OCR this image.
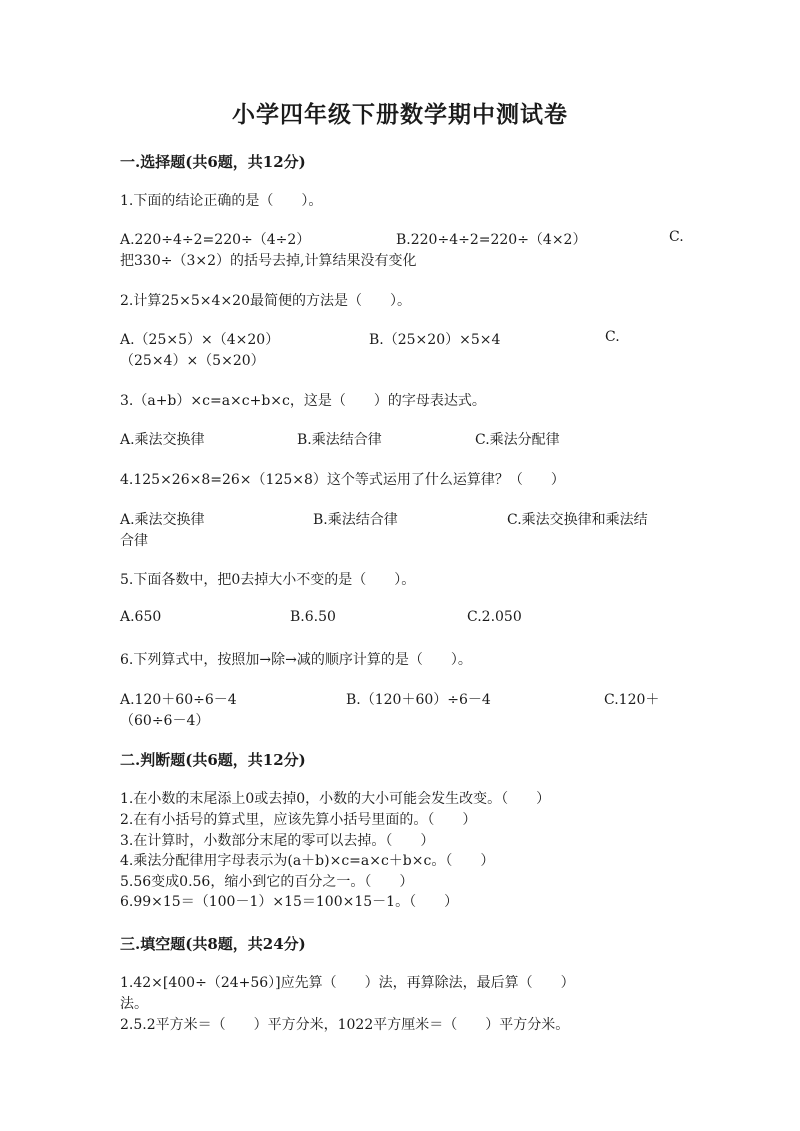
小学四年级下册数学期中测试卷
一.选择题(共6题，共12分)
1.下面的结论正确的是（　　）。
A.220÷4÷2=220÷（4÷2）	B.220÷4÷2=220÷（4×2）	C.
把330÷（3×2）的括号去掉,计算结果没有变化
2.计算25×5×4×20最简便的方法是（　　）。
A.（25×5）×（4×20）	B.（25×20）×5×4	C.
（25×4）×（5×20）
3.（a+b）×c=a×c+b×c，这是（　　）的字母表达式。
A.乘法交换律	B.乘法结合律	C.乘法分配律
4.125×26×8=26×（125×8）这个等式运用了什么运算律？（　　）
A.乘法交换律	B.乘法结合律	C.乘法交换律和乘法结
合律
5.下面各数中，把0去掉大小不变的是（　　）。
A.650	B.6.50	C.2.050
6.下列算式中，按照加→除→减的顺序计算的是（　　）。
A.120＋60÷6－4	B.（120＋60）÷6－4	C.120＋
（60÷6－4）
二.判断题(共6题，共12分)
1.在小数的末尾添上0或去掉0，小数的大小可能会发生改变。（　　）
2.在有小括号的算式里，应该先算小括号里面的。（　　）
3.在计算时，小数部分末尾的零可以去掉。（　　）
4.乘法分配律用字母表示为(a＋b)×c=a×c＋b×c。（　　）
5.56变成0.56，缩小到它的百分之一。（　　）
6.99×15＝（100－1）×15＝100×15－1。（　　）
三.填空题(共8题，共24分)
1.42×[400÷（24+56）]应先算（　　）法，再算除法，最后算（　　）
法。
2.5.2平方米＝（　　）平方分米，1022平方厘米＝（　　）平方分米。
